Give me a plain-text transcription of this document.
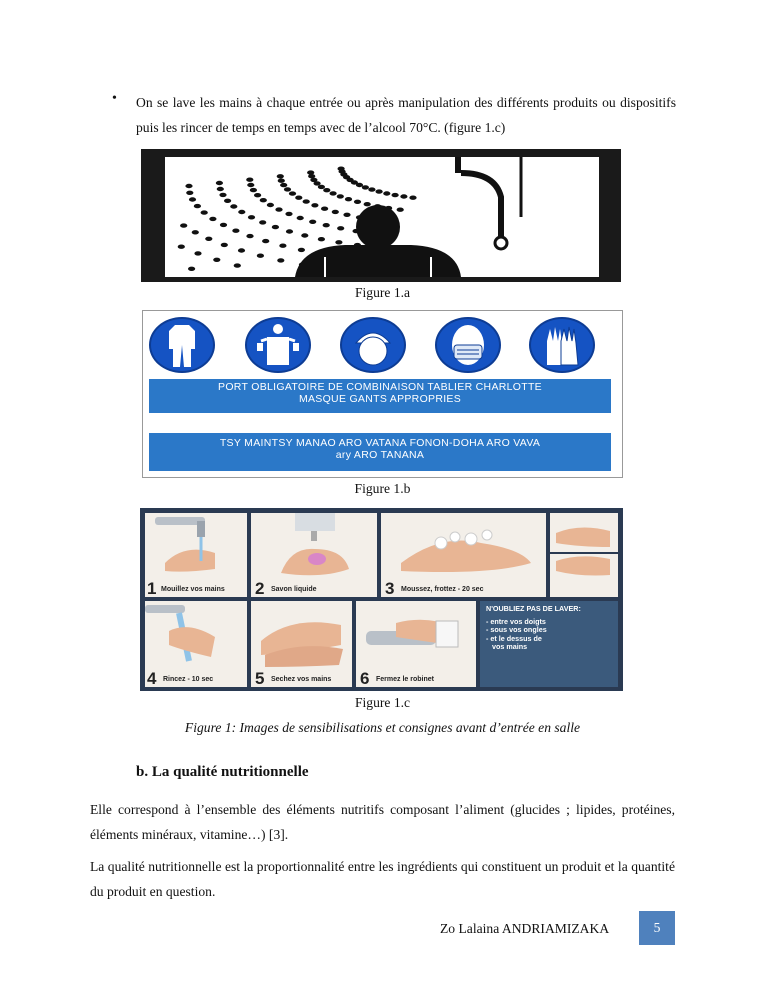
• On se lave les mains à chaque entrée ou après manipulation des différents produits ou dispositifs puis les rincer de temps en temps avec de l’alcool 70°C. (figure 1.c)

Figure 1.a
PORT OBLIGATOIRE DE COMBINAISON TABLIER CHARLOTTE
MASQUE GANTS APPROPRIES
TSY MAINTSY MANAO ARO VATANA FONON-DOHA ARO VAVA
ary ARO TANANA
Figure 1.b
1 Mouillez vos mains 2 Savon liquide	3 Moussez, frottez - 20 sec
4 Rincez - 10 sec 5 Sechez vos mains 6 Fermez le robinet
N'OUBLIEZ PAS DE LAVER:
- entre vos doigts
- sous vos ongles
- et le dessus de
vos mains
Figure 1.c
Figure 1: Images de sensibilisations et consignes avant d’entrée en salle
b. La qualité nutritionnelle

Elle correspond à l’ensemble des éléments nutritifs composant l’aliment (glucides ; lipides, protéines, éléments minéraux, vitamine…) [3].

La qualité nutritionnelle est la proportionnalité entre les ingrédients qui constituent un produit et la quantité du produit en question.

Zo Lalaina ANDRIAMIZAKA	5
